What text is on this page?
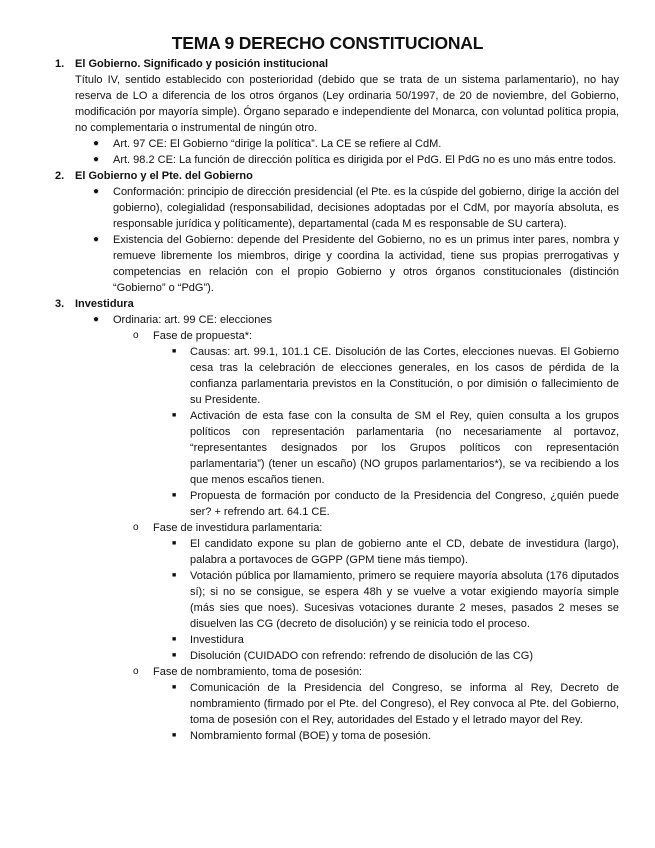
TEMA 9 DERECHO CONSTITUCIONAL
1. El Gobierno. Significado y posición institucional
Título IV, sentido establecido con posterioridad (debido que se trata de un sistema parlamentario), no hay reserva de LO a diferencia de los otros órganos (Ley ordinaria 50/1997, de 20 de noviembre, del Gobierno, modificación por mayoría simple). Órgano separado e independiente del Monarca, con voluntad política propia, no complementaria o instrumental de ningún otro.
● Art. 97 CE: El Gobierno “dirige la política”. La CE se refiere al CdM.
● Art. 98.2 CE: La función de dirección política es dirigida por el PdG. El PdG no es uno más entre todos.
2. El Gobierno y el Pte. del Gobierno
● Conformación: principio de dirección presidencial (el Pte. es la cúspide del gobierno, dirige la acción del gobierno), colegialidad (responsabilidad, decisiones adoptadas por el CdM, por mayoría absoluta, es responsable jurídica y políticamente), departamental (cada M es responsable de SU cartera).
● Existencia del Gobierno: depende del Presidente del Gobierno, no es un primus inter pares, nombra y remueve libremente los miembros, dirige y coordina la actividad, tiene sus propias prerrogativas y competencias en relación con el propio Gobierno y otros órganos constitucionales (distinción “Gobierno” o “PdG”).
3. Investidura
● Ordinaria: art. 99 CE: elecciones
o Fase de propuesta*:
■ Causas: art. 99.1, 101.1 CE. Disolución de las Cortes, elecciones nuevas. El Gobierno cesa tras la celebración de elecciones generales, en los casos de pérdida de la confianza parlamentaria previstos en la Constitución, o por dimisión o fallecimiento de su Presidente.
■ Activación de esta fase con la consulta de SM el Rey, quien consulta a los grupos políticos con representación parlamentaria (no necesariamente al portavoz, “representantes designados por los Grupos políticos con representación parlamentaria”) (tener un escaño) (NO grupos parlamentarios*), se va recibiendo a los que menos escaños tienen.
■ Propuesta de formación por conducto de la Presidencia del Congreso, ¿quién puede ser? + refrendo art. 64.1 CE.
o Fase de investidura parlamentaria:
■ El candidato expone su plan de gobierno ante el CD, debate de investidura (largo), palabra a portavoces de GGPP (GPM tiene más tiempo).
■ Votación pública por llamamiento, primero se requiere mayoría absoluta (176 diputados sí); si no se consigue, se espera 48h y se vuelve a votar exigiendo mayoría simple (más sies que noes). Sucesivas votaciones durante 2 meses, pasados 2 meses se disuelven las CG (decreto de disolución) y se reinicia todo el proceso.
■ Investidura
■ Disolución (CUIDADO con refrendo: refrendo de disolución de las CG)
o Fase de nombramiento, toma de posesión:
■ Comunicación de la Presidencia del Congreso, se informa al Rey, Decreto de nombramiento (firmado por el Pte. del Congreso), el Rey convoca al Pte. del Gobierno, toma de posesión con el Rey, autoridades del Estado y el letrado mayor del Rey.
■ Nombramiento formal (BOE) y toma de posesión.
